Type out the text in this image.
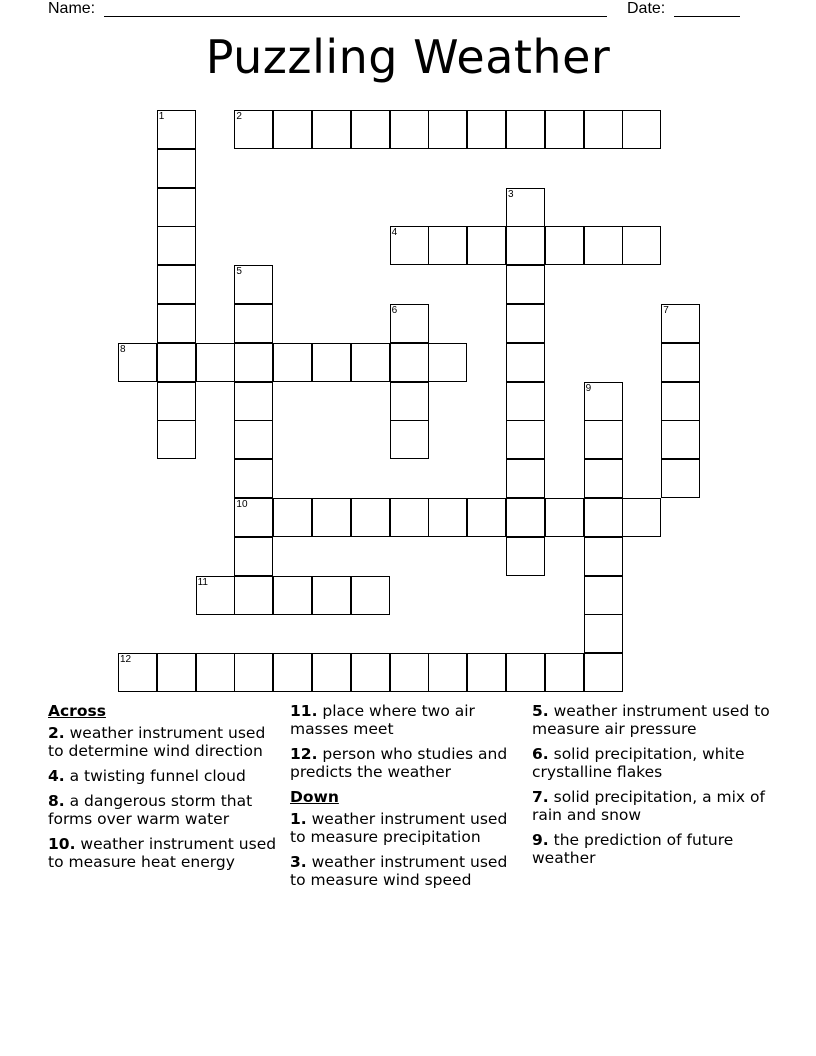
Name:	Date:
Puzzling Weather
1	2
3
4
5
10
6	7
8
9
11
12
Across
2. weather instrument used to determine wind direction
4. a twisting funnel cloud
8. a dangerous storm that forms over warm water
10. weather instrument used to measure heat energy
11. place where two air masses meet
12. person who studies and predicts the weather
Down
1. weather instrument used to measure precipitation
3. weather instrument used to measure wind speed
5. weather instrument used to measure air pressure
6. solid precipitation, white crystalline flakes
7. solid precipitation, a mix of rain and snow
9. the prediction of future weather
